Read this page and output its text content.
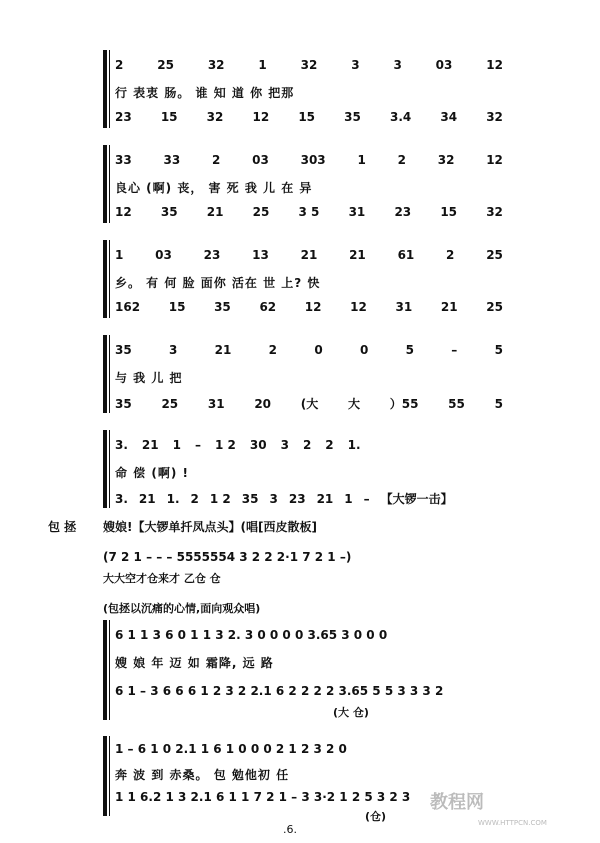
2	25	32	1	32	3	3	03	12
行 表衷 肠。 谁 知 道 你 把那
23 15 32 12 15 35 3.4 34 32
33	33	2	03	303	1	2	32	12
良心 (啊) 丧， 害 死 我 儿 在 异
12 35 21 25 3 5 31 23 15 32
1	03	23	13	21	21	61	2	25
乡。 有 何 脸 面你 活在 世 上? 快
162 15 35 62 12 12 31 21 25
35	3	21	2	0	0	5	–	5
与 我 儿 把
35 25 31 20 (大 大 ）55 55 5
3. 21 1 – 1 2 30 3 2 2 1.
命 偿 (啊) !
3. 21 1. 2 1 2 35 3 23 21 1 – 【大锣一击】
包 拯 嫂娘!【大锣单扦凤点头】(唱[西皮散板]
(7 2 1 – – – 5555554 3 2 2 2·1 7 2 1 –)
大大空才仓来才 乙仓 仓
(包拯以沉痛的心情,面向观众唱)
6 1 1 3 6 0 1 1 3 2. 3 0 0 0 0 3.65 3 0 0 0
嫂 娘 年 迈 如 霜降, 远 路
6 1 – 3 6 6 6 1 2 3 2 2.1 6 2 2 2 2 3.65 5 5 3 3 3 2
(大 仓)
1 – 6 1 0 2.1 1 6 1 0 0 0 2 1 2 3 2 0
奔 波 到 赤桑。 包 勉他初 任
1 1 6.2 1 3 2.1 6 1 1 7 2 1 – 3 3·2 1 2 5 3 2 3
(仓)
.6.
教程网
WWW.HTTPCN.COM
